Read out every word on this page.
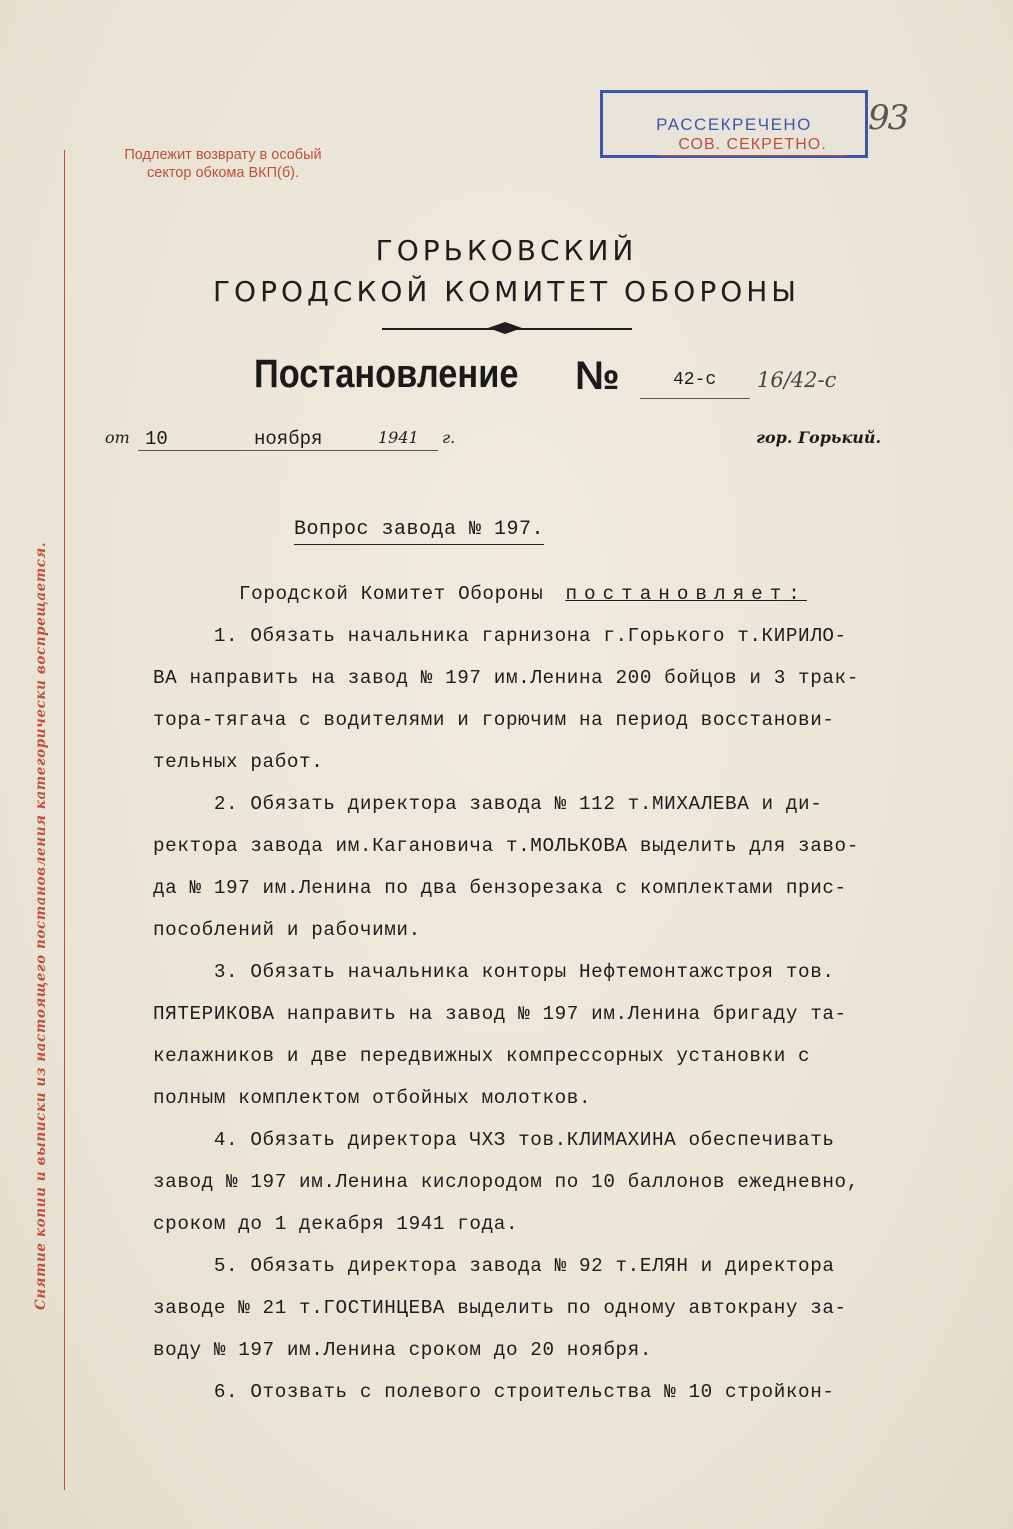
Снятие копии и выписки из настоящего постановления категорически воспрещается.
Подлежит возврату в особый
сектор обкома ВКП(б).
РАССЕКРЕЧЕНО
СОВ. СЕКРЕТНО.
93
ГОРЬКОВСКИЙ
ГОРОДСКОЙ КОМИТЕТ ОБОРОНЫ
Постановление №	42-с 16/42-с
от 10	ноября	1941 г.	гор. Горький.
Вопрос завода № 197.
Городской Комитет Обороны постановляет:
1. Обязать начальника гарнизона г.Горького т.КИРИЛО-
ВА направить на завод № 197 им.Ленина 200 бойцов и 3 трак-
тора-тягача с водителями и горючим на период восстанови-
тельных работ.
2. Обязать директора завода № 112 т.МИХАЛЕВА и ди-
ректора завода им.Кагановича т.МОЛЬКОВА выделить для заво-
да № 197 им.Ленина по два бензорезака с комплектами прис-
пособлений и рабочими.
3. Обязать начальника конторы Нефтемонтажстроя тов.
ПЯТЕРИКОВА направить на завод № 197 им.Ленина бригаду та-
келажников и две передвижных компрессорных установки с
полным комплектом отбойных молотков.
4. Обязать директора ЧХЗ тов.КЛИМАХИНА обеспечивать
завод № 197 им.Ленина кислородом по 10 баллонов ежедневно,
сроком до 1 декабря 1941 года.
5. Обязать директора завода № 92 т.ЕЛЯН и директора
заводе № 21 т.ГОСТИНЦЕВА выделить по одному автокрану за-
воду № 197 им.Ленина сроком до 20 ноября.
6. Отозвать с полевого строительства № 10 стройкон-
